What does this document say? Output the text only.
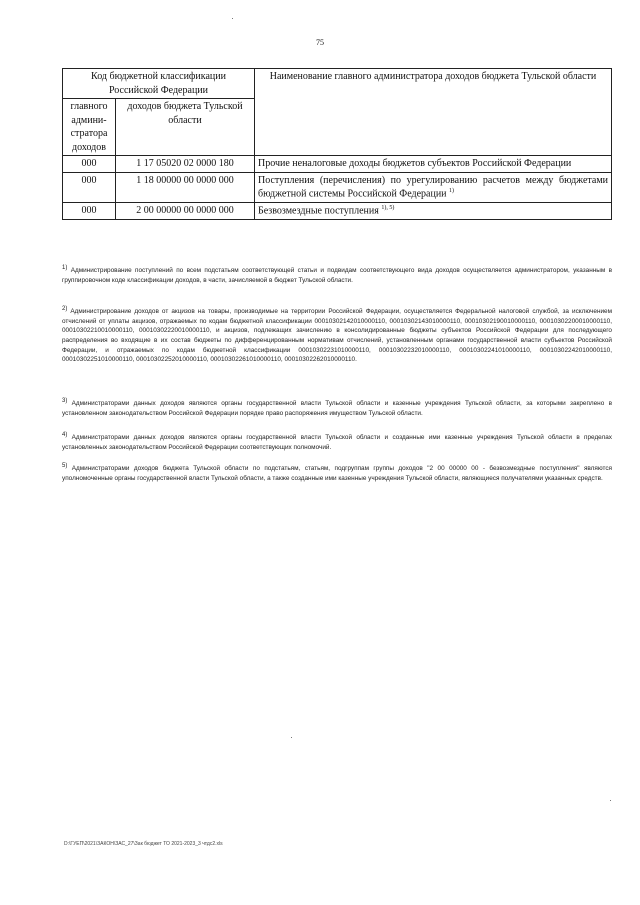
75
Код бюджетной классификации Российской Федерации		Наименование главного администратора доходов бюджета Тульской области
главного админи-стратора доходов	доходов бюджета Тульской области	
000	1 17 05020 02 0000 180	Прочие неналоговые доходы бюджетов субъектов Российской Федерации
000	1 18 00000 00 0000 000	Поступления (перечисления) по урегулированию расчетов между бюджетами бюджетной системы Российской Федерации $^{1)}$
000	2 00 00000 00 0000 000	Безвозмездные поступления $^{1), 5)}$

$^{1)}$ Администрирование поступлений по всем подстатьям соответствующей статьи и подвидам соответствующего вида доходов осуществляется администратором, указанным в группировочном коде классификации доходов, в части, зачисляемой в бюджет Тульской области.

$^{2)}$ Администрирование доходов от акцизов на товары, производимые на территории Российской Федерации, осуществляется Федеральной налоговой службой, за исключением отчислений от уплаты акцизов, отражаемых по кодам бюджетной классификации 00010302142010000110, 00010302143010000110, 00010302190010000110, 00010302200010000110, 00010302210010000110, 00010302220010000110, и акцизов, подлежащих зачислению в консолидированные бюджеты субъектов Российской Федерации для последующего распределения во входящие в их состав бюджеты по дифференцированным нормативам отчислений, установленным органами государственной власти субъектов Российской Федерации, и отражаемых по кодам бюджетной классификации 00010302231010000110, 00010302232010000110, 00010302241010000110, 00010302242010000110, 00010302251010000110, 00010302252010000110, 00010302261010000110, 00010302262010000110.

$^{3)}$ Администраторами данных доходов являются органы государственной власти Тульской области и казенные учреждения Тульской области, за которыми закреплено в установленном законодательством Российской Федерации порядке право распоряжения имуществом Тульской области.

$^{4)}$ Администраторами данных доходов являются органы государственной власти Тульской области и созданные ими казенные учреждения Тульской области в пределах установленных законодательством Российской Федерации соответствующих полномочий.

$^{5)}$ Администраторами доходов бюджета Тульской области по подстатьям, статьям, подгруппам группы доходов "2 00 00000 00 - безвозмездные поступления" являются уполномоченные органы государственной власти Тульской области, а также созданные ими казенные учреждения Тульской области, являющиеся получателями указанных средств.

D:\ГУЕП\2021\ЗАКОН\ЗАС_27\Зак бюджет ТО 2021-2023_3 чтдс2.xls
